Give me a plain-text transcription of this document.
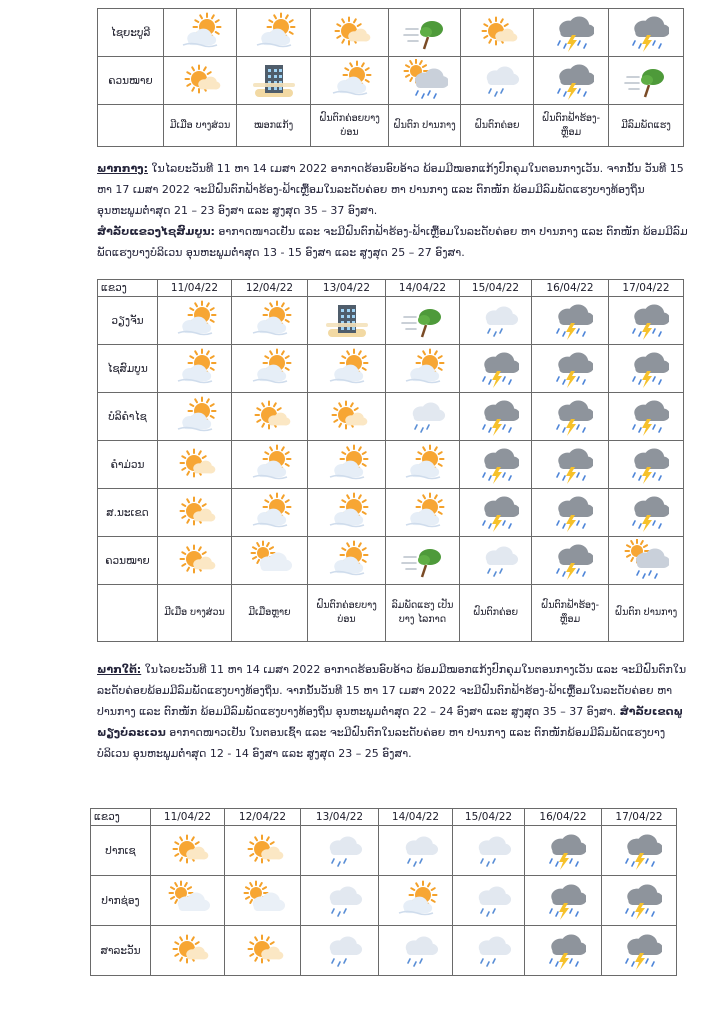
ໄຊຍະບູລີ	

ຄວນໝາຍ	

	ມີເມືອ ບາງສ່ວນ	ໝອກແກ້ງ	ຝົນຕົກຄ່ອຍບາງ ບ່ອນ	ຝົນຕົກ ປານກາງ	ຝົນຕົກຄ່ອຍ	ຝົນຕົກຟ້າຮ້ອງ-ຫຼຶອມ	ມີລົມພັດແຮງ
ພາກກາງ: ໃນໄລຍະວັນທີ 11 ຫາ 14 ເມສາ 2022 ອາກາດຮ້ອນອົບອ້າວ ພ້ອມມີໝອກແກ້ງປົກຄຸມໃນຕອນກາງເວັນ. ຈາກນັ້ນ ວັນທີ 15 ຫາ 17 ເມສາ 2022 ຈະມີຝົນຕົກຟ້າຮ້ອງ-ຟ້າເຫຼື້ອມໃນລະດັບຄ່ອຍ ຫາ ປານກາງ ແລະ ຕົກໜັກ ພ້ອມມີລົມພັດແຮງບາງທ້ອງຖິ່ນ ອຸນຫະພູມຕໍ່າສຸດ 21 – 23 ອົງສາ ແລະ ສູງສຸດ 35 – 37 ອົງສາ.
ສໍາລັບແຂວງໄຊສົມບູນ: ອາກາດໜາວເຢັນ ແລະ ຈະມີຝົນຕົກຟ້າຮ້ອງ-ຟ້າເຫຼື້ອມໃນລະດັບຄ່ອຍ ຫາ ປານກາງ ແລະ ຕົກໜັກ ພ້ອມມີລົມພັດແຮງບາງບໍລິເວນ ອຸນຫະພູມຕໍ່າສຸດ 13 - 15 ອົງສາ ແລະ ສູງສຸດ 25 – 27 ອົງສາ.
ແຂວງ	11/04/22	12/04/22	13/04/22	14/04/22	15/04/22	16/04/22	17/04/22
ວຽງຈັນ	

ໄຊສົມບູນ	

ບໍລິຄໍາໄຊ	

ຄໍາມ່ວນ	

ສ.ນະເຂດ	

ຄວນໝາຍ	

	ມີເມືອ ບາງສ່ວນ	ມີເມືອຫຼາຍ	ຝົນຕົກຄ່ອຍບາງ ບ່ອນ	ລົມພັດແຮງ ເປັນບາງ ໄລກາດ	ຝົນຕົກຄ່ອຍ	ຝົນຕົກຟ້າຮ້ອງ-ຫຼຶອມ	ຝົນຕົກ ປານກາງ
ພາກໃຕ້: ໃນໄລຍະວັນທີ 11 ຫາ 14 ເມສາ 2022 ອາກາດຮ້ອນອົບອ້າວ ພ້ອມມີໝອກແກ້ງປົກຄຸມໃນຕອນກາງເວັນ ແລະ ຈະມີຝົນຕົກໃນລະດັບຄ່ອຍພ້ອມມີລົມພັດແຮງບາງທ້ອງຖິ່ນ. ຈາກນັ້ນວັນທີ 15 ຫາ 17 ເມສາ 2022 ຈະມີຝົນຕົກຟ້າຮ້ອງ-ຟ້າເຫຼື້ອມໃນລະດັບຄ່ອຍ ຫາ ປານກາງ ແລະ ຕົກໜັກ ພ້ອມມີລົມພັດແຮງບາງທ້ອງຖິ່ນ ອຸນຫະພູມຕໍ່າສຸດ 22 – 24 ອົງສາ ແລະ ສູງສຸດ 35 – 37 ອົງສາ. ສໍາລັບເຂດພູພຽງບໍລະເວນ ອາກາດໜາວເຢັນ ໃນຕອນເຊົ້າ ແລະ ຈະມີຝົນຕົກໃນລະດັບຄ່ອຍ ຫາ ປານກາງ ແລະ ຕົກໜັກພ້ອມມີລົມພັດແຮງບາງບໍລິເວນ ອຸນຫະພູມຕໍ່າສຸດ 12 - 14 ອົງສາ ແລະ ສູງສຸດ 23 – 25 ອົງສາ.
ແຂວງ	11/04/22	12/04/22	13/04/22	14/04/22	15/04/22	16/04/22	17/04/22
ປາກເຊ	

ປາກຊ່ອງ	

ສາລະວັນ	
